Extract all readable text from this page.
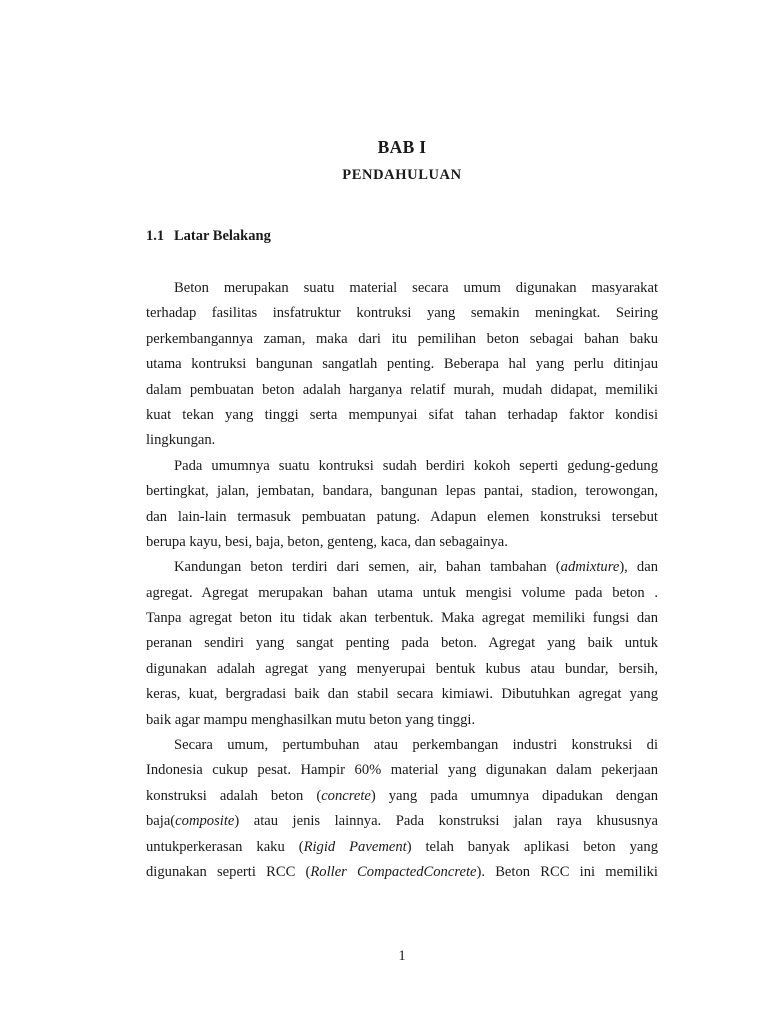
BAB I
PENDAHULUAN
1.1 Latar Belakang
Beton merupakan suatu material secara umum digunakan masyarakat
terhadap fasilitas insfatruktur kontruksi yang semakin meningkat. Seiring
perkembangannya zaman, maka dari itu pemilihan beton sebagai bahan baku
utama kontruksi bangunan sangatlah penting. Beberapa hal yang perlu ditinjau
dalam pembuatan beton adalah harganya relatif murah, mudah didapat, memiliki
kuat tekan yang tinggi serta mempunyai sifat tahan terhadap faktor kondisi
lingkungan.
Pada umumnya suatu kontruksi sudah berdiri kokoh seperti gedung-gedung
bertingkat, jalan, jembatan, bandara, bangunan lepas pantai, stadion, terowongan,
dan lain-lain termasuk pembuatan patung. Adapun elemen konstruksi tersebut
berupa kayu, besi, baja, beton, genteng, kaca, dan sebagainya.
Kandungan beton terdiri dari semen, air, bahan tambahan (admixture), dan
agregat. Agregat merupakan bahan utama untuk mengisi volume pada beton .
Tanpa agregat beton itu tidak akan terbentuk. Maka agregat memiliki fungsi dan
peranan sendiri yang sangat penting pada beton. Agregat yang baik untuk
digunakan adalah agregat yang menyerupai bentuk kubus atau bundar, bersih,
keras, kuat, bergradasi baik dan stabil secara kimiawi. Dibutuhkan agregat yang
baik agar mampu menghasilkan mutu beton yang tinggi.
Secara umum, pertumbuhan atau perkembangan industri konstruksi di
Indonesia cukup pesat. Hampir 60% material yang digunakan dalam pekerjaan
konstruksi adalah beton (concrete) yang pada umumnya dipadukan dengan
baja(composite) atau jenis lainnya. Pada konstruksi jalan raya khususnya
untukperkerasan kaku (Rigid Pavement) telah banyak aplikasi beton yang
digunakan seperti RCC (Roller CompactedConcrete). Beton RCC ini memiliki
1
